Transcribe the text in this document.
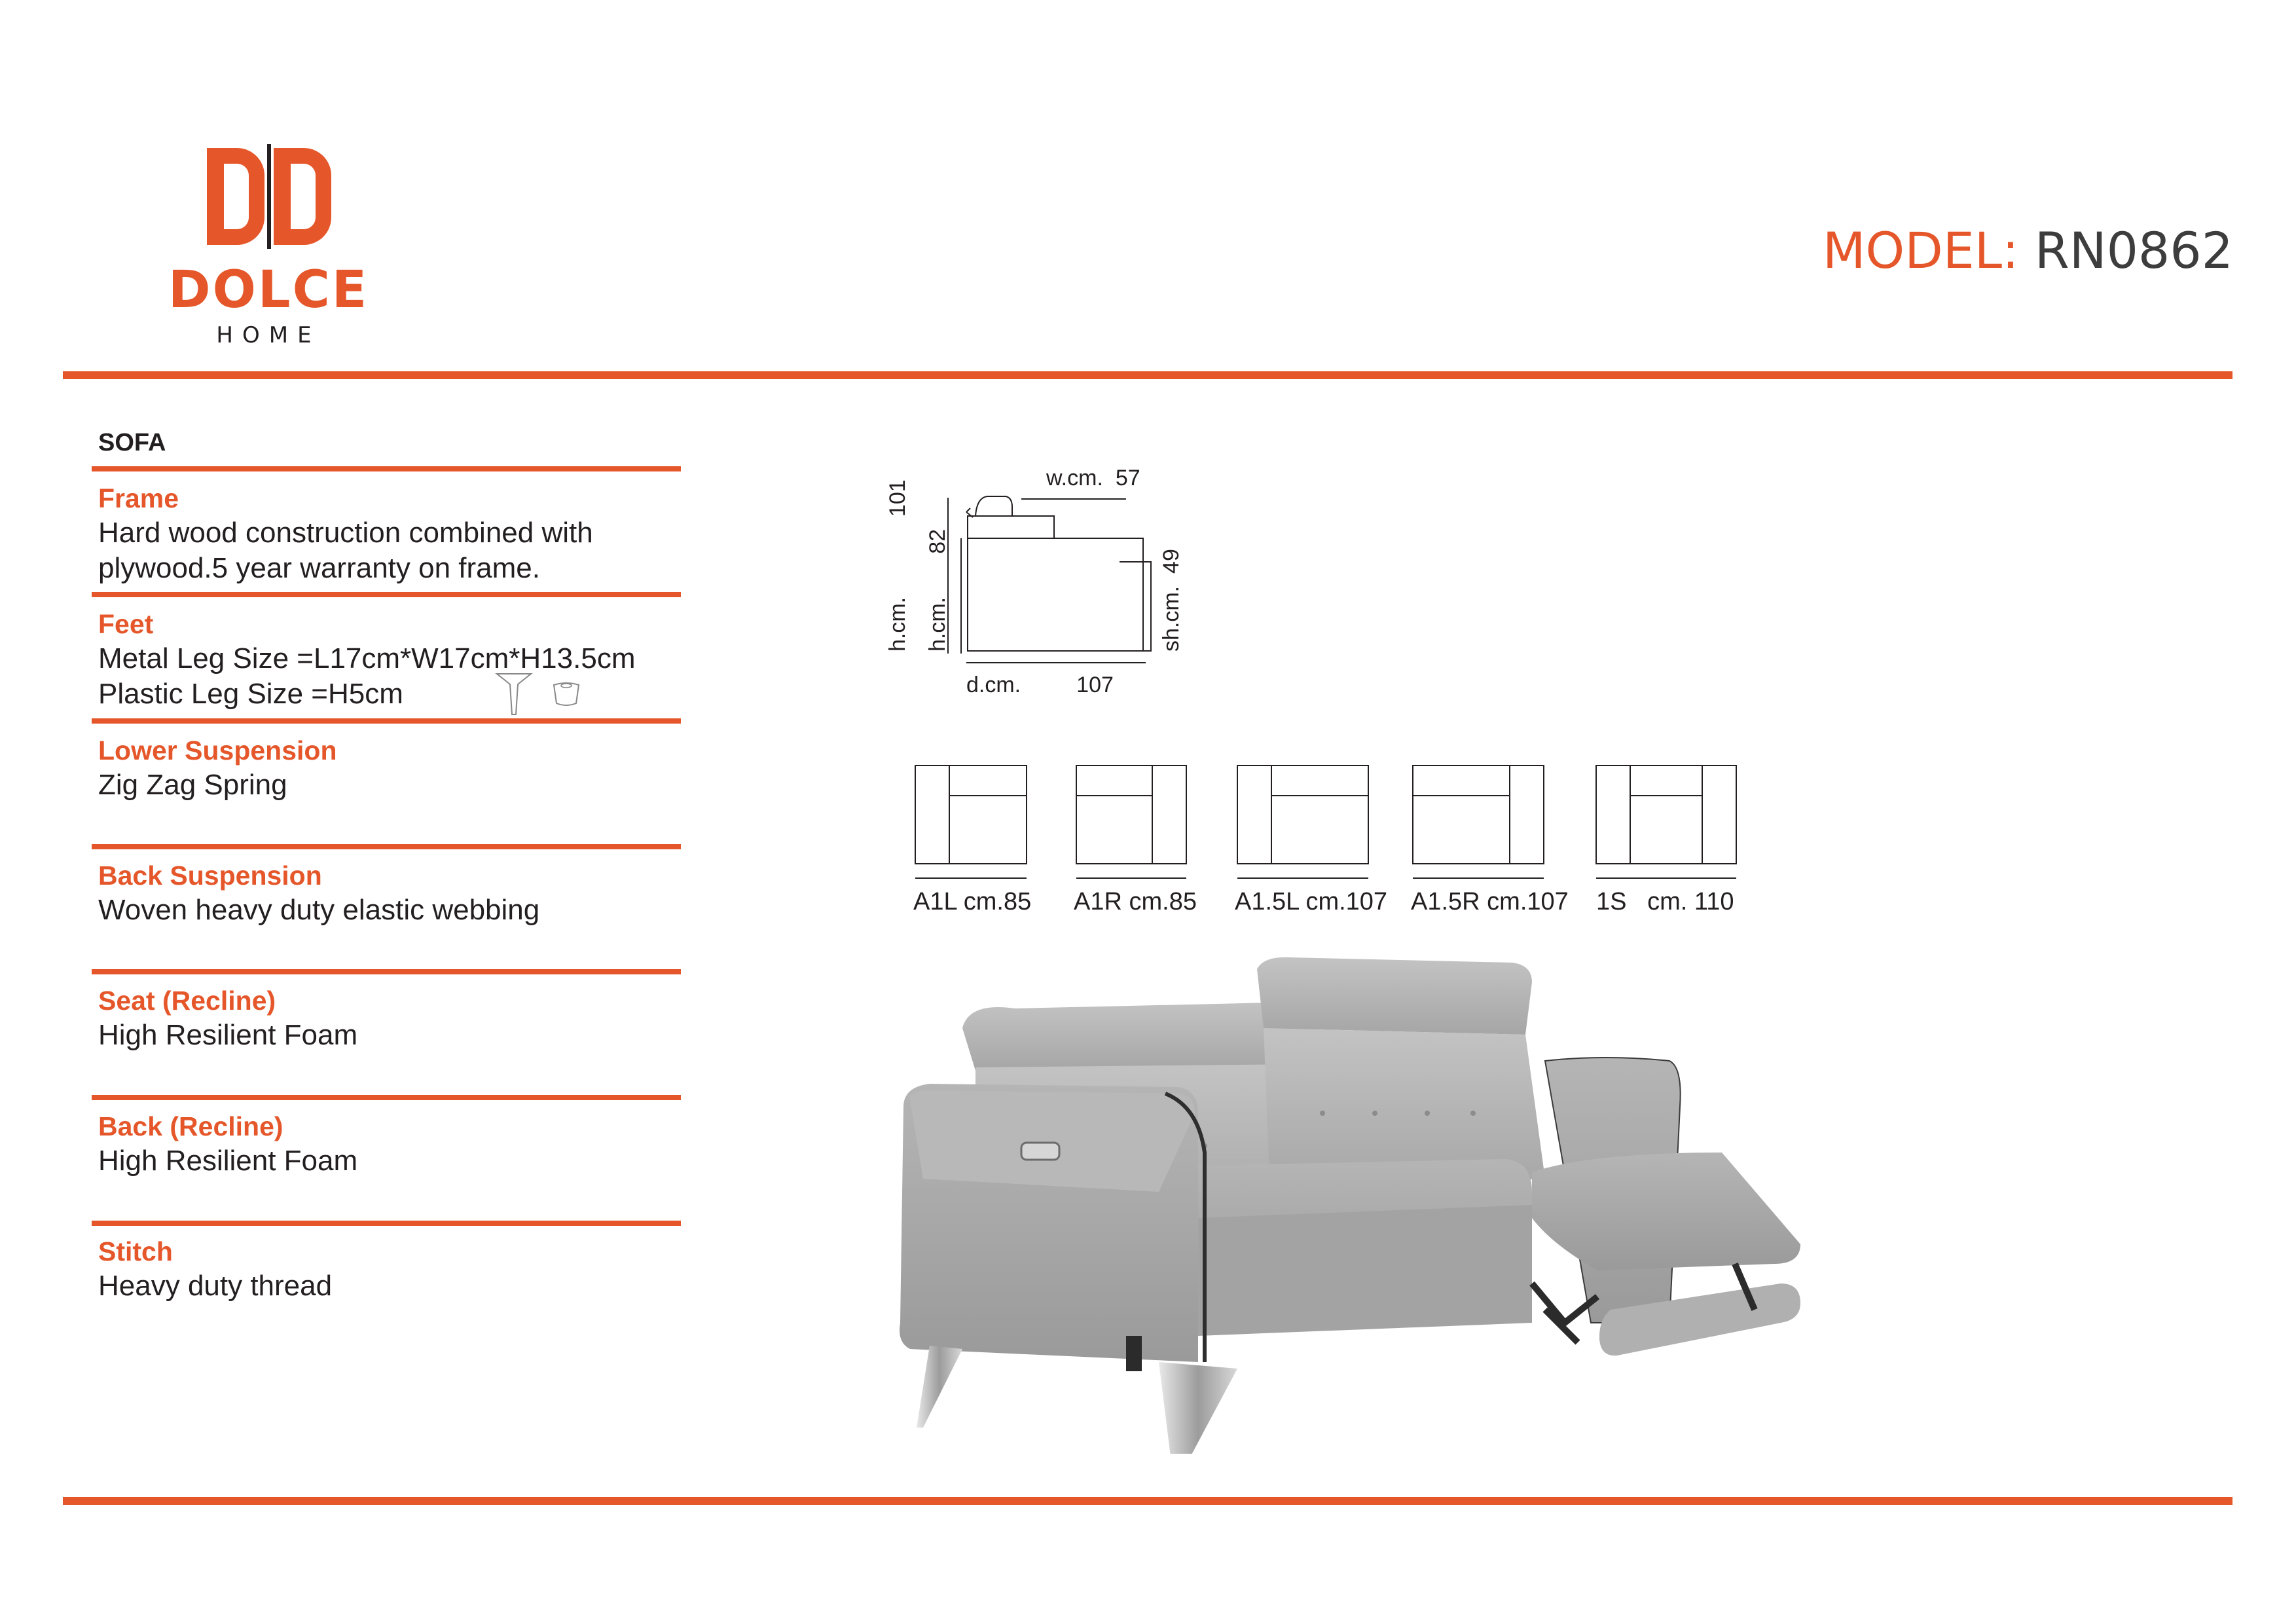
DOLCE
HOME
MODEL: RN0862
SOFA
Frame
Hard wood construction combined with
plywood.5 year warranty on frame.
Feet
Metal Leg Size =L17cm*W17cm*H13.5cm
Plastic Leg Size =H5cm
Lower Suspension
Zig Zag Spring
Back Suspension
Woven heavy duty elastic webbing
Seat (Recline)
High Resilient Foam
Back (Recline)
High Resilient Foam
Stitch
Heavy duty thread
w.cm. 57
h.cm.             101
h.cm.       82
sh.cm.  49
d.cm.	107
A1L cm.85 A1R cm.85 A1.5L cm.107 A1.5R cm.107 1S   cm. 110
